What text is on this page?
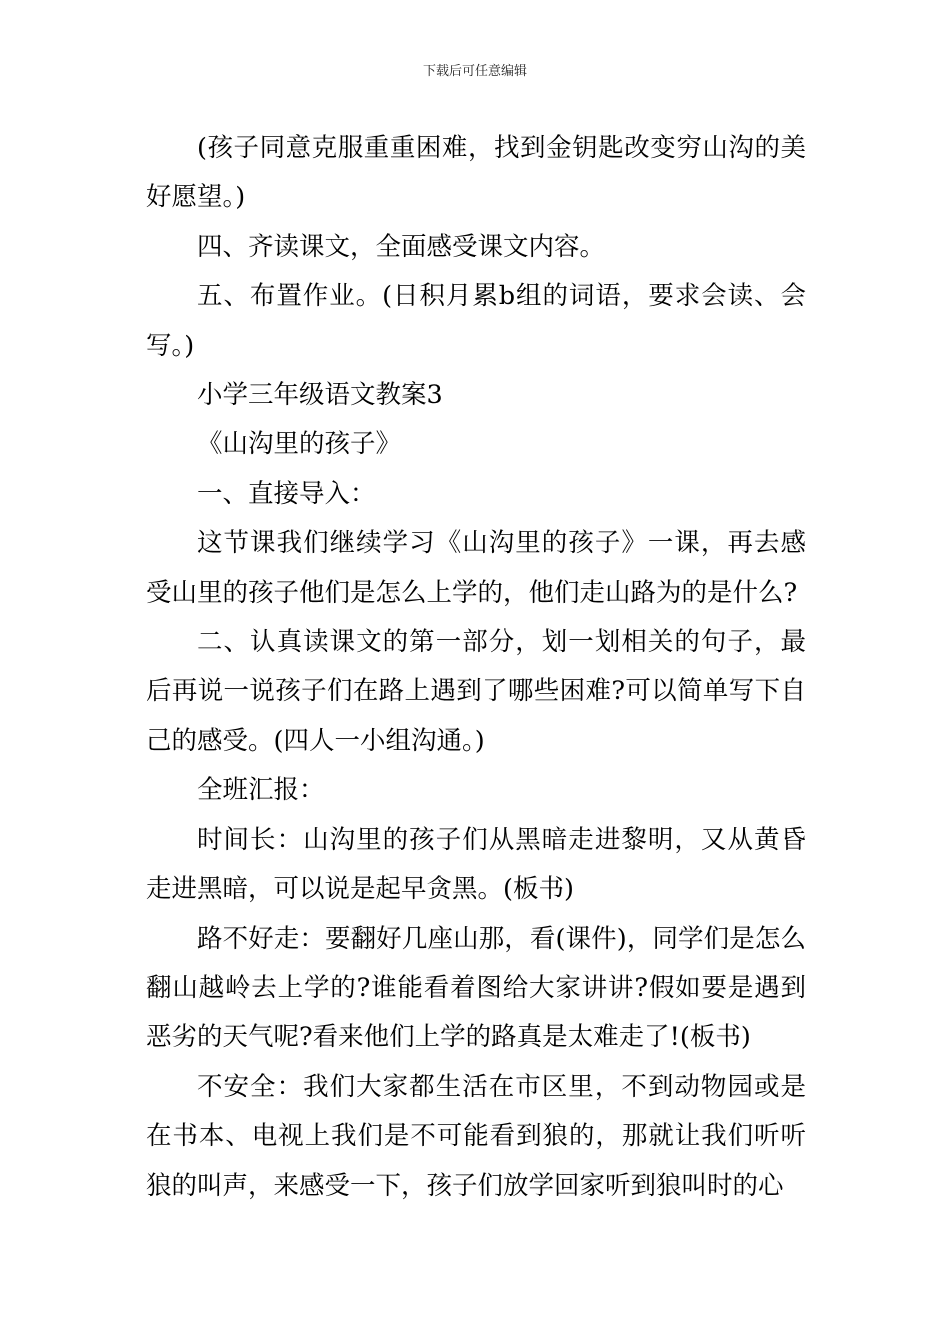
下载后可任意编辑

(孩子同意克服重重困难，找到金钥匙改变穷山沟的美好愿望。)

四、齐读课文，全面感受课文内容。

五、布置作业。(日积月累b组的词语，要求会读、会写。)

小学三年级语文教案3

《山沟里的孩子》

一、直接导入：

这节课我们继续学习《山沟里的孩子》一课，再去感受山里的孩子他们是怎么上学的，他们走山路为的是什么?

二、认真读课文的第一部分，划一划相关的句子，最后再说一说孩子们在路上遇到了哪些困难?可以简单写下自己的感受。(四人一小组沟通。)

全班汇报：

时间长：山沟里的孩子们从黑暗走进黎明，又从黄昏走进黑暗，可以说是起早贪黑。(板书)

路不好走：要翻好几座山那，看(课件)，同学们是怎么翻山越岭去上学的?谁能看着图给大家讲讲?假如要是遇到恶劣的天气呢?看来他们上学的路真是太难走了!(板书)

不安全：我们大家都生活在市区里，不到动物园或是在书本、电视上我们是不可能看到狼的，那就让我们听听狼的叫声，来感受一下，孩子们放学回家听到狼叫时的心
